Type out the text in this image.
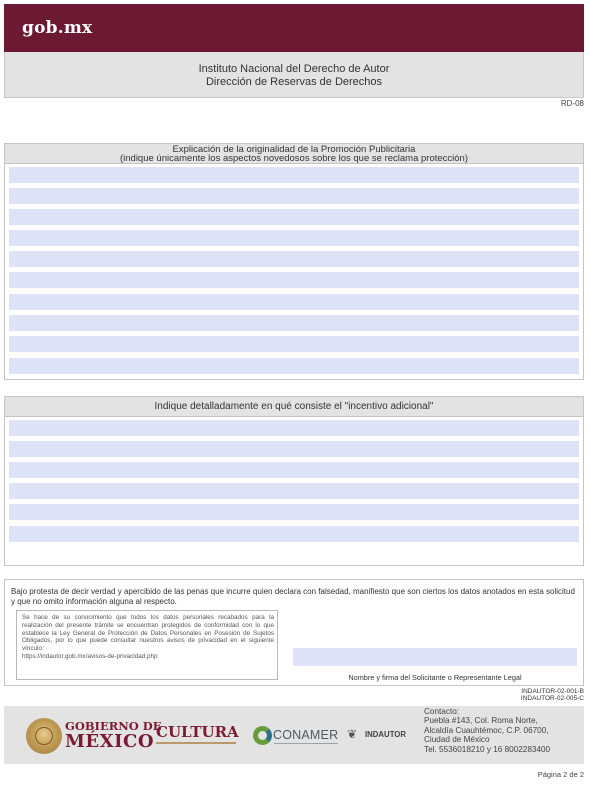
gob.mx
Instituto Nacional del Derecho de Autor
Dirección de Reservas de Derechos
RD-08
Explicación de la originalidad de la Promoción Publicitaria
(indique únicamente los aspectos novedosos sobre los que se reclama protección)
Indique detalladamente en qué consiste el "incentivo adicional"
Bajo protesta de decir verdad y apercibido de las penas que incurre quien declara con falsedad, manifiesto que son ciertos los datos anotados en esta solicitud y que no omito información alguna al respecto.
Se hace de su conocimiento que todos los datos personales recabados para la realización del presente trámite se encuentran protegidos de conformidad con lo que establece la Ley General de Protección de Datos Personales en Posesión de Sujetos Obligados, por lo que puede consultar nuestros avisos de privacidad en el siguiente vínculo:
https://indautor.gob.mx/avisos-de-privacidad.php
Nombre y firma del Solicitante o Representante Legal
INDAUTOR-02-001-B
INDAUTOR-02-005-C
GOBIERNO DE
MÉXICO CULTURA	CONAMER ❦	INDAUTOR
Contacto:
Puebla #143, Col. Roma Norte,
Alcaldía Cuauhtémoc, C.P. 06700,
Ciudad de México
Tel. 5536018210 y 16 8002283400
Página 2 de 2
